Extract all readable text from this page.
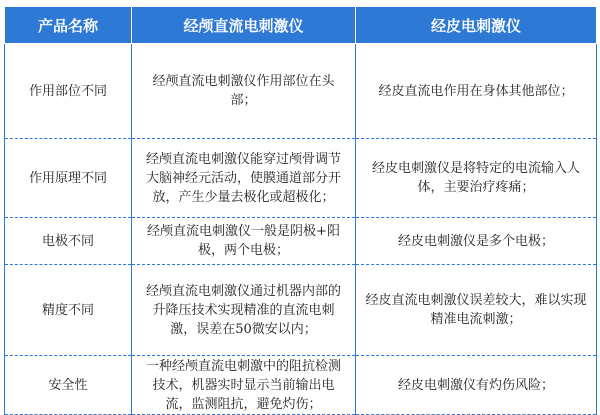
产品名称	经颅直流电刺激仪	经皮电刺激仪
作用部位不同	经颅直流电刺激仪作用部位在头部；	经皮直流电作用在身体其他部位；
作用原理不同	经颅直流电刺激仪能穿过颅骨调节大脑神经元活动，使膜通道部分开放，产生少量去极化或超极化；	经皮电刺激仪是将特定的电流输入人体，主要治疗疼痛；
电极不同	经颅直流电刺激仪一般是阴极+阳极，两个电极；	经皮电刺激仪是多个电极；
精度不同	经颅直流电刺激仪通过机器内部的升降压技术实现精准的直流电刺激，误差在50微安以内；	经皮直流电刺激仪误差较大，难以实现精准电流刺激；
安全性	一种经颅直流电刺激中的阻抗检测技术，机器实时显示当前输出电流，监测阻抗，避免灼伤；	经皮电刺激仪有灼伤风险；
